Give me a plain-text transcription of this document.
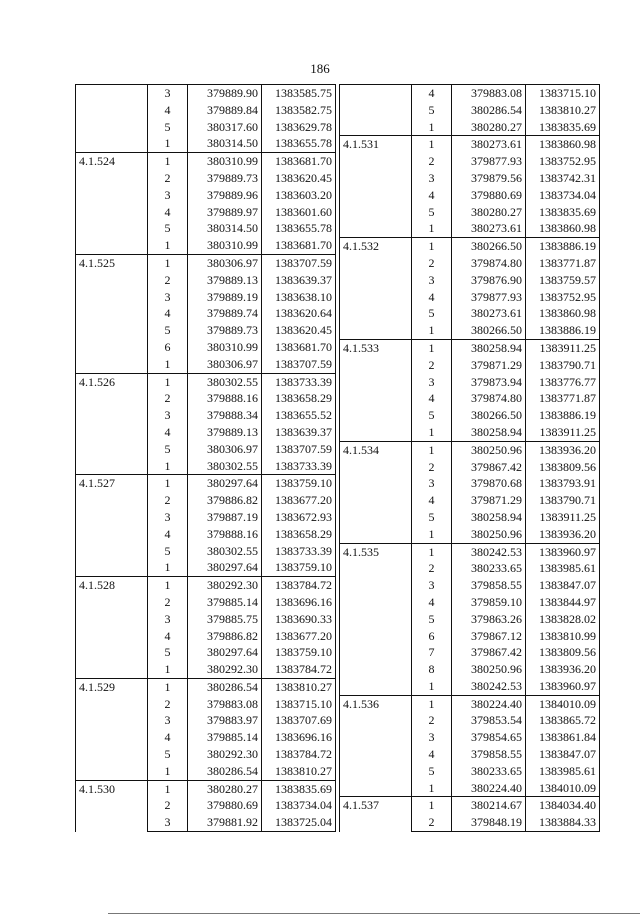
186
	3	379889.90	1383585.75
	4	379889.84	1383582.75
	5	380317.60	1383629.78
	1	380314.50	1383655.78
4.1.524	1	380310.99	1383681.70
	2	379889.73	1383620.45
	3	379889.96	1383603.20
	4	379889.97	1383601.60
	5	380314.50	1383655.78
	1	380310.99	1383681.70
4.1.525	1	380306.97	1383707.59
	2	379889.13	1383639.37
	3	379889.19	1383638.10
	4	379889.74	1383620.64
	5	379889.73	1383620.45
	6	380310.99	1383681.70
	1	380306.97	1383707.59
4.1.526	1	380302.55	1383733.39
	2	379888.16	1383658.29
	3	379888.34	1383655.52
	4	379889.13	1383639.37
	5	380306.97	1383707.59
	1	380302.55	1383733.39
4.1.527	1	380297.64	1383759.10
	2	379886.82	1383677.20
	3	379887.19	1383672.93
	4	379888.16	1383658.29
	5	380302.55	1383733.39
	1	380297.64	1383759.10
4.1.528	1	380292.30	1383784.72
	2	379885.14	1383696.16
	3	379885.75	1383690.33
	4	379886.82	1383677.20
	5	380297.64	1383759.10
	1	380292.30	1383784.72
4.1.529	1	380286.54	1383810.27
	2	379883.08	1383715.10
	3	379883.97	1383707.69
	4	379885.14	1383696.16
	5	380292.30	1383784.72
	1	380286.54	1383810.27
4.1.530	1	380280.27	1383835.69
	2	379880.69	1383734.04
	3	379881.92	1383725.04
	4	379883.08	1383715.10
	5	380286.54	1383810.27
	1	380280.27	1383835.69
4.1.531	1	380273.61	1383860.98
	2	379877.93	1383752.95
	3	379879.56	1383742.31
	4	379880.69	1383734.04
	5	380280.27	1383835.69
	1	380273.61	1383860.98
4.1.532	1	380266.50	1383886.19
	2	379874.80	1383771.87
	3	379876.90	1383759.57
	4	379877.93	1383752.95
	5	380273.61	1383860.98
	1	380266.50	1383886.19
4.1.533	1	380258.94	1383911.25
	2	379871.29	1383790.71
	3	379873.94	1383776.77
	4	379874.80	1383771.87
	5	380266.50	1383886.19
	1	380258.94	1383911.25
4.1.534	1	380250.96	1383936.20
	2	379867.42	1383809.56
	3	379870.68	1383793.91
	4	379871.29	1383790.71
	5	380258.94	1383911.25
	1	380250.96	1383936.20
4.1.535	1	380242.53	1383960.97
	2	380233.65	1383985.61
	3	379858.55	1383847.07
	4	379859.10	1383844.97
	5	379863.26	1383828.02
	6	379867.12	1383810.99
	7	379867.42	1383809.56
	8	380250.96	1383936.20
	1	380242.53	1383960.97
4.1.536	1	380224.40	1384010.09
	2	379853.54	1383865.72
	3	379854.65	1383861.84
	4	379858.55	1383847.07
	5	380233.65	1383985.61
	1	380224.40	1384010.09
4.1.537	1	380214.67	1384034.40
	2	379848.19	1383884.33
